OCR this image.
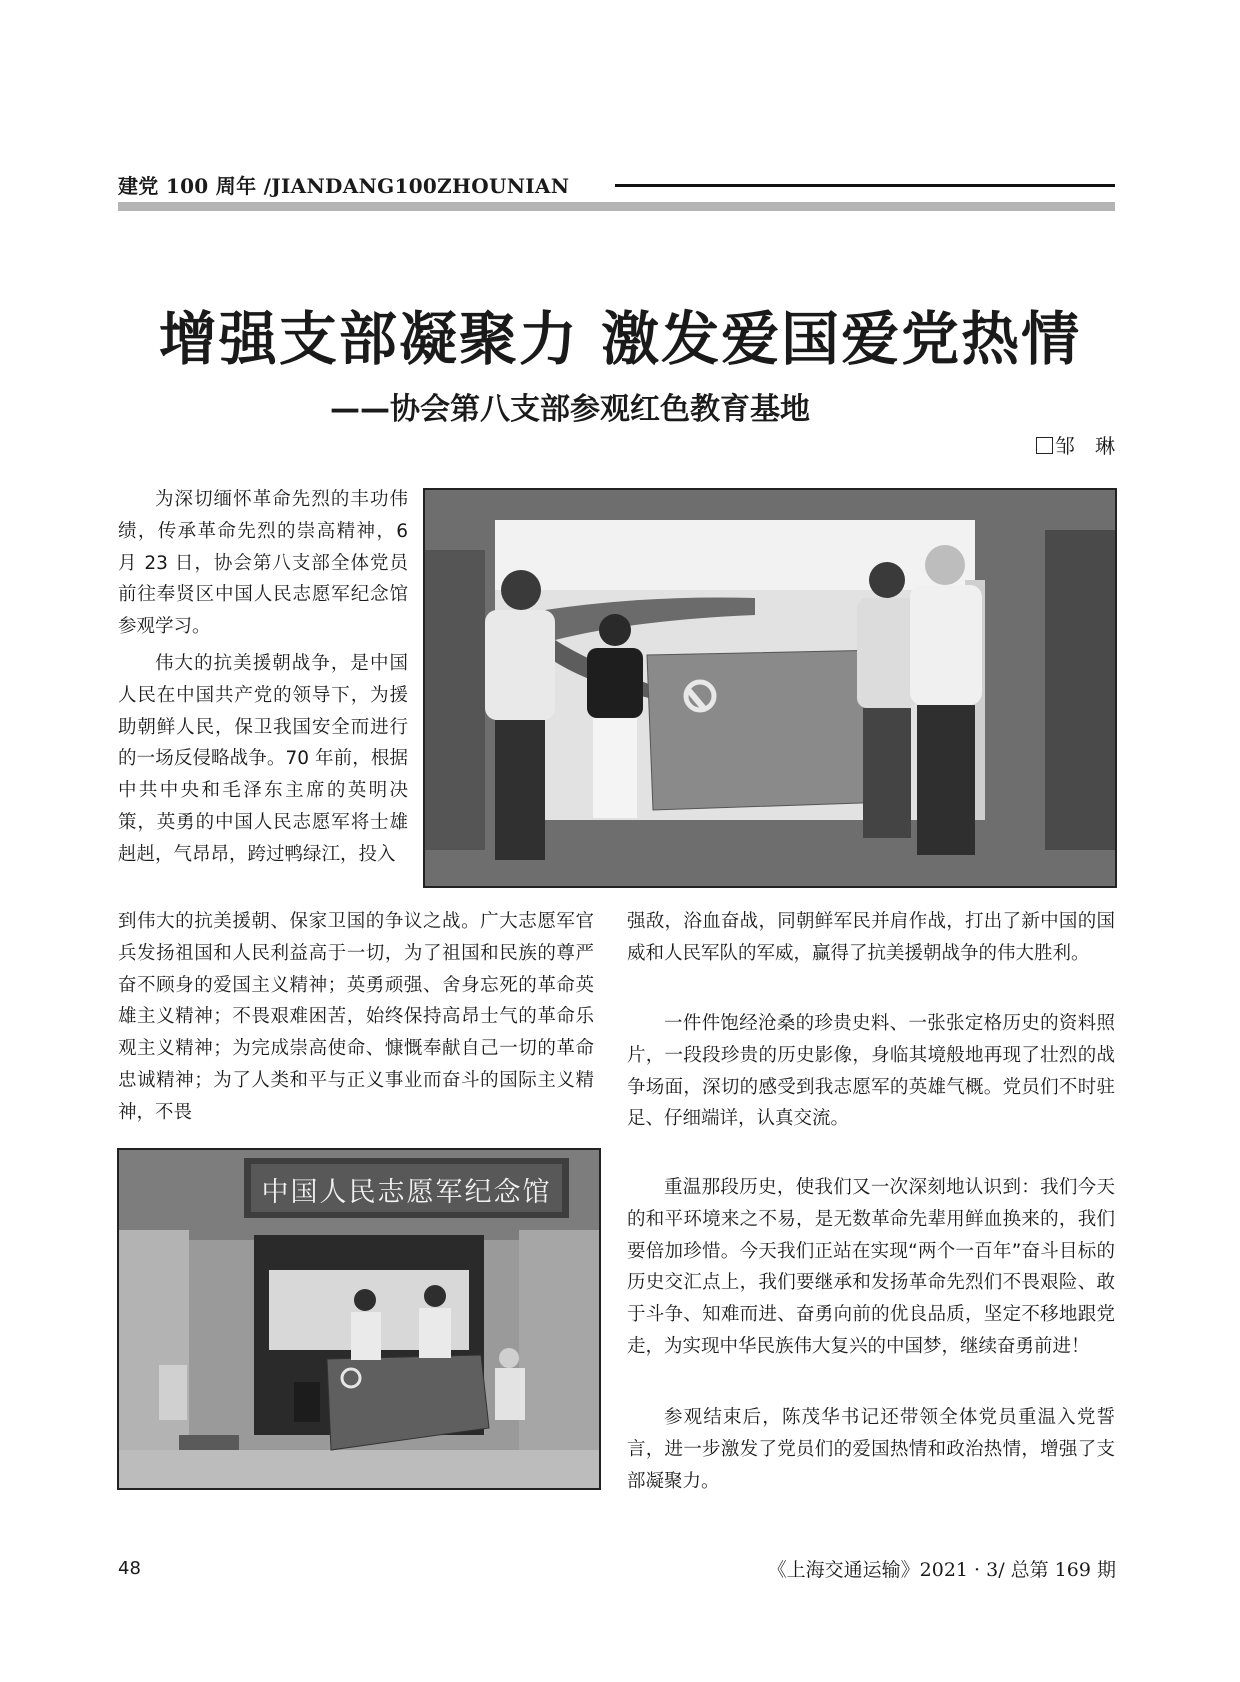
建党 100 周年 /JIANDANG100ZHOUNIAN
增强支部凝聚力 激发爱国爱党热情
——协会第八支部参观红色教育基地
邹　琳

为深切缅怀革命先烈的丰功伟绩，传承革命先烈的崇高精神，6 月 23 日，协会第八支部全体党员前往奉贤区中国人民志愿军纪念馆参观学习。

伟大的抗美援朝战争，是中国人民在中国共产党的领导下，为援助朝鲜人民，保卫我国安全而进行的一场反侵略战争。70 年前，根据中共中央和毛泽东主席的英明决策，英勇的中国人民志愿军将士雄赳赳，气昂昂，跨过鸭绿江，投入

到伟大的抗美援朝、保家卫国的争议之战。广大志愿军官兵发扬祖国和人民利益高于一切，为了祖国和民族的尊严奋不顾身的爱国主义精神；英勇顽强、舍身忘死的革命英雄主义精神；不畏艰难困苦，始终保持高昂士气的革命乐观主义精神；为完成崇高使命、慷慨奉献自己一切的革命忠诚精神；为了人类和平与正义事业而奋斗的国际主义精神，不畏

中国人民志愿军纪念馆

强敌，浴血奋战，同朝鲜军民并肩作战，打出了新中国的国威和人民军队的军威，赢得了抗美援朝战争的伟大胜利。

一件件饱经沧桑的珍贵史料、一张张定格历史的资料照片，一段段珍贵的历史影像，身临其境般地再现了壮烈的战争场面，深切的感受到我志愿军的英雄气概。党员们不时驻足、仔细端详，认真交流。

重温那段历史，使我们又一次深刻地认识到：我们今天的和平环境来之不易，是无数革命先辈用鲜血换来的，我们要倍加珍惜。今天我们正站在实现“两个一百年”奋斗目标的历史交汇点上，我们要继承和发扬革命先烈们不畏艰险、敢于斗争、知难而进、奋勇向前的优良品质，坚定不移地跟党走，为实现中华民族伟大复兴的中国梦，继续奋勇前进！

参观结束后，陈茂华书记还带领全体党员重温入党誓言，进一步激发了党员们的爱国热情和政治热情，增强了支部凝聚力。

48	《上海交通运输》2021 · 3/ 总第 169 期
